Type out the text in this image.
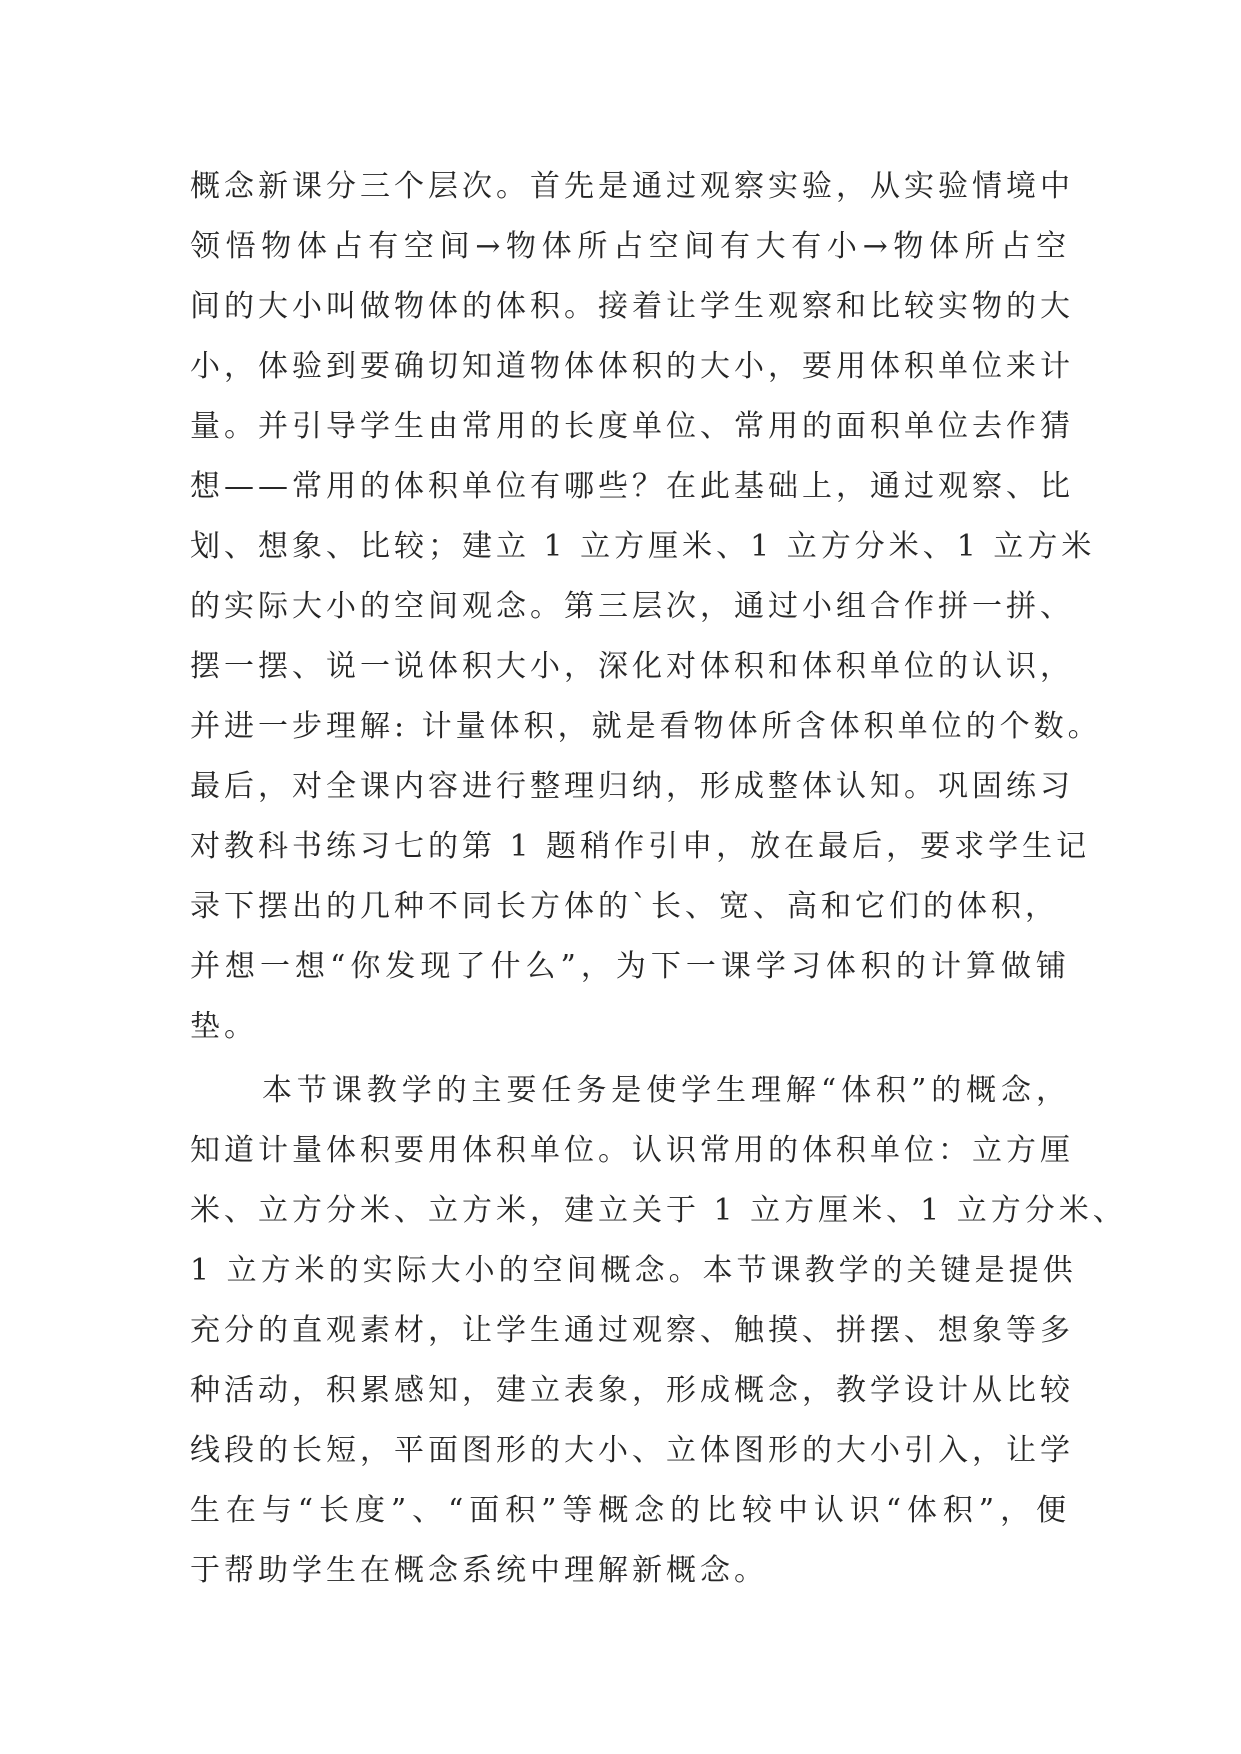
概念新课分三个层次。首先是通过观察实验，从实验情境中
领悟物体占有空间→物体所占空间有大有小→物体所占空
间的大小叫做物体的体积。接着让学生观察和比较实物的大
小，体验到要确切知道物体体积的大小，要用体积单位来计
量。并引导学生由常用的长度单位、常用的面积单位去作猜
想——常用的体积单位有哪些？在此基础上，通过观察、比
划、想象、比较；建立 1 立方厘米、1 立方分米、1 立方米
的实际大小的空间观念。第三层次，通过小组合作拼一拼、
摆一摆、说一说体积大小，深化对体积和体积单位的认识，
并进一步理解: 计量体积，就是看物体所含体积单位的个数。
最后，对全课内容进行整理归纳，形成整体认知。巩固练习
对教科书练习七的第 1 题稍作引申，放在最后，要求学生记
录下摆出的几种不同长方体的`长、宽、高和它们的体积，
并想一想“你发现了什么”，为下一课学习体积的计算做铺
垫。
本节课教学的主要任务是使学生理解“体积”的概念，
知道计量体积要用体积单位。认识常用的体积单位：立方厘
米、立方分米、立方米，建立关于 1 立方厘米、1 立方分米、
1 立方米的实际大小的空间概念。本节课教学的关键是提供
充分的直观素材，让学生通过观察、触摸、拼摆、想象等多
种活动，积累感知，建立表象，形成概念，教学设计从比较
线段的长短，平面图形的大小、立体图形的大小引入，让学
生在与“长度”、“面积”等概念的比较中认识“体积”，便
于帮助学生在概念系统中理解新概念。
